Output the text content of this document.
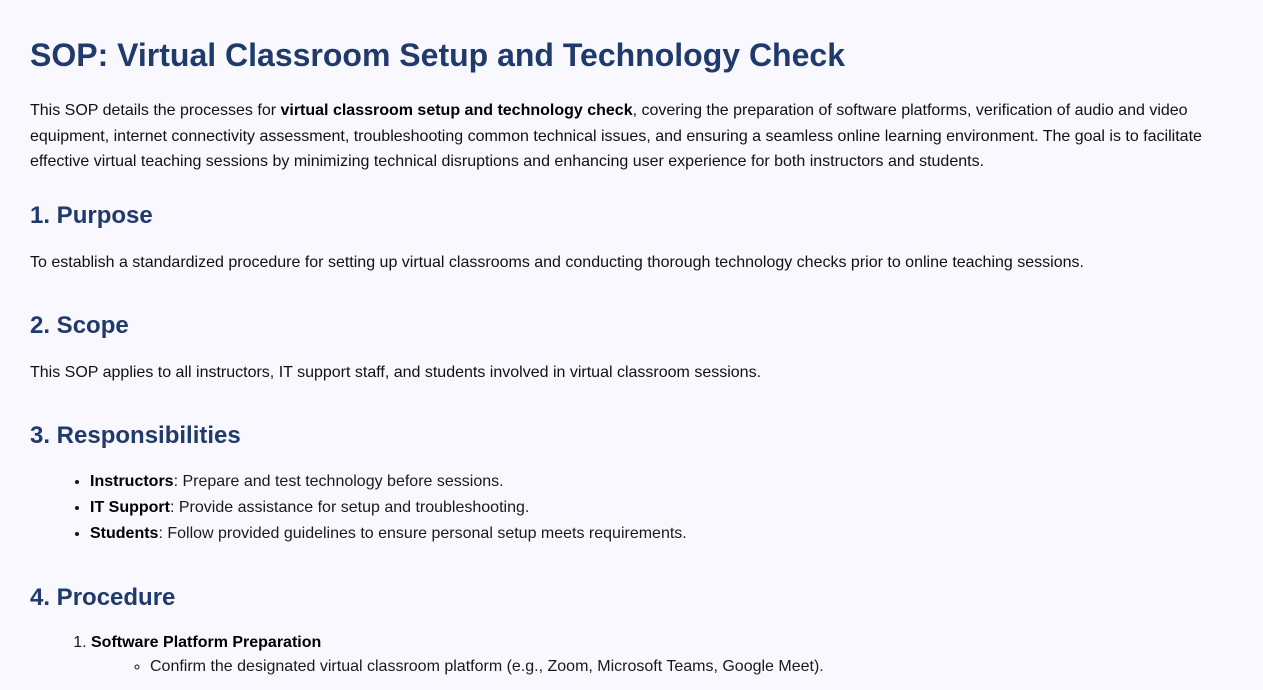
SOP: Virtual Classroom Setup and Technology Check

This SOP details the processes for virtual classroom setup and technology check, covering the preparation of software platforms, verification of audio and video equipment, internet connectivity assessment, troubleshooting common technical issues, and ensuring a seamless online learning environment. The goal is to facilitate effective virtual teaching sessions by minimizing technical disruptions and enhancing user experience for both instructors and students.

1. Purpose

To establish a standardized procedure for setting up virtual classrooms and conducting thorough technology checks prior to online teaching sessions.

2. Scope

This SOP applies to all instructors, IT support staff, and students involved in virtual classroom sessions.

3. Responsibilities
• Instructors: Prepare and test technology before sessions.
• IT Support: Provide assistance for setup and troubleshooting.
• Students: Follow provided guidelines to ensure personal setup meets requirements.
4. Procedure
1. Software Platform Preparation
◦ Confirm the designated virtual classroom platform (e.g., Zoom, Microsoft Teams, Google Meet).
